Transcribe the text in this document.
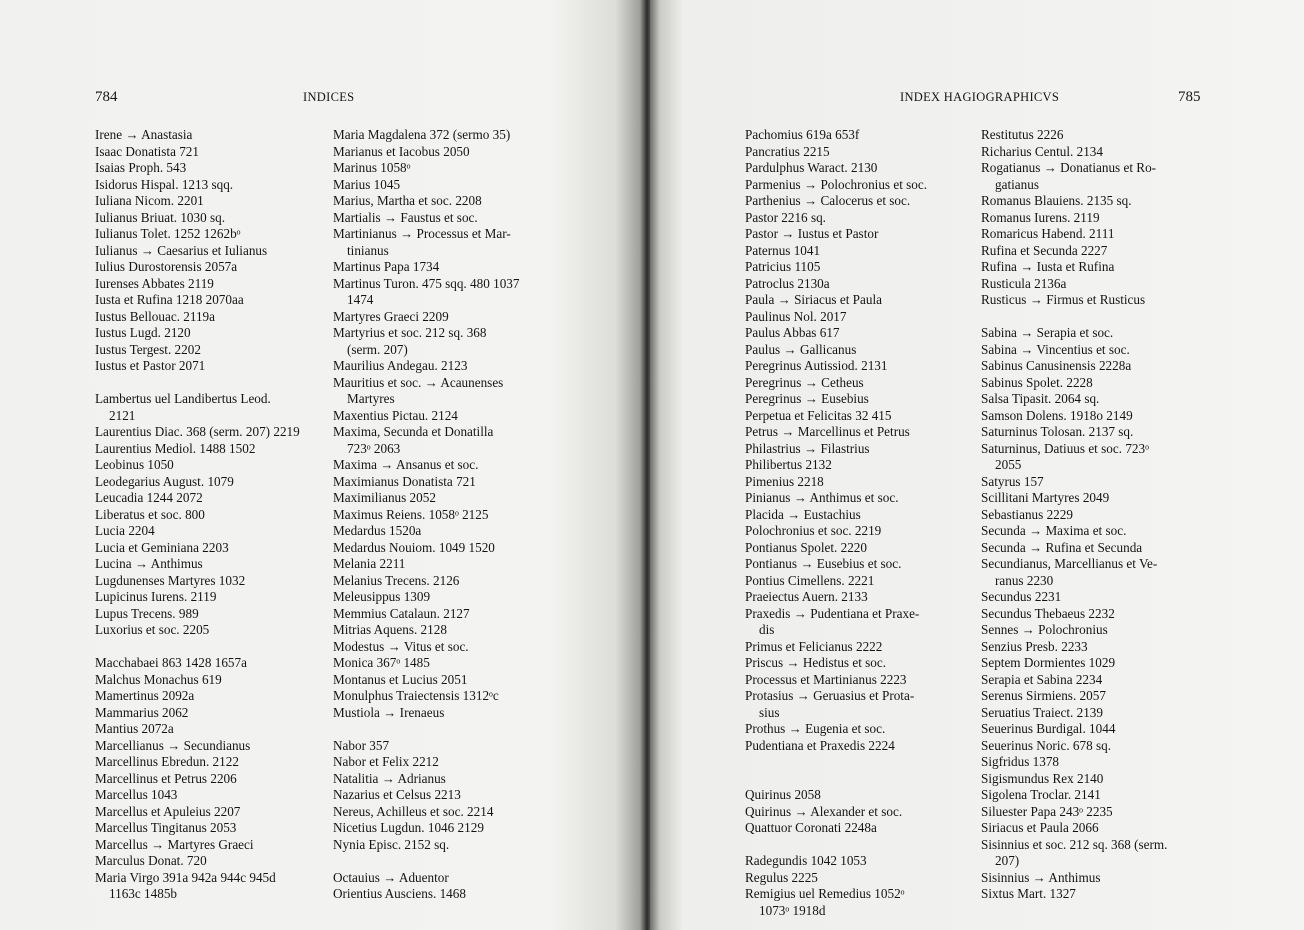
784	INDICES
Irene → Anastasia
Isaac Donatista 721
Isaias Proph. 543
Isidorus Hispal. 1213 sqq.
Iuliana Nicom. 2201
Iulianus Briuat. 1030 sq.
Iulianus Tolet. 1252 1262bᵒ
Iulianus → Caesarius et Iulianus
Iulius Durostorensis 2057a
Iurenses Abbates 2119
Iusta et Rufina 1218 2070aa
Iustus Bellouac. 2119a
Iustus Lugd. 2120
Iustus Tergest. 2202
Iustus et Pastor 2071
Lambertus uel Landibertus Leod.
2121
Laurentius Diac. 368 (serm. 207) 2219
Laurentius Mediol. 1488 1502
Leobinus 1050
Leodegarius August. 1079
Leucadia 1244 2072
Liberatus et soc. 800
Lucia 2204
Lucia et Geminiana 2203
Lucina → Anthimus
Lugdunenses Martyres 1032
Lupicinus Iurens. 2119
Lupus Trecens. 989
Luxorius et soc. 2205
Macchabaei 863 1428 1657a
Malchus Monachus 619
Mamertinus 2092a
Mammarius 2062
Mantius 2072a
Marcellianus → Secundianus
Marcellinus Ebredun. 2122
Marcellinus et Petrus 2206
Marcellus 1043
Marcellus et Apuleius 2207
Marcellus Tingitanus 2053
Marcellus → Martyres Graeci
Marculus Donat. 720
Maria Virgo 391a 942a 944c 945d
1163c 1485b
Maria Magdalena 372 (sermo 35)
Marianus et Iacobus 2050
Marinus 1058ᵒ
Marius 1045
Marius, Martha et soc. 2208
Martialis → Faustus et soc.
Martinianus → Processus et Mar-
tinianus
Martinus Papa 1734
Martinus Turon. 475 sqq. 480 1037
1474
Martyres Graeci 2209
Martyrius et soc. 212 sq. 368
(serm. 207)
Maurilius Andegau. 2123
Mauritius et soc. → Acaunenses
Martyres
Maxentius Pictau. 2124
Maxima, Secunda et Donatilla
723ᵒ 2063
Maxima → Ansanus et soc.
Maximianus Donatista 721
Maximilianus 2052
Maximus Reiens. 1058ᵒ 2125
Medardus 1520a
Medardus Nouiom. 1049 1520
Melania 2211
Melanius Trecens. 2126
Meleusippus 1309
Memmius Catalaun. 2127
Mitrias Aquens. 2128
Modestus → Vitus et soc.
Monica 367ᵒ 1485
Montanus et Lucius 2051
Monulphus Traiectensis 1312ᵒc
Mustiola → Irenaeus
Nabor 357
Nabor et Felix 2212
Natalitia → Adrianus
Nazarius et Celsus 2213
Nereus, Achilleus et soc. 2214
Nicetius Lugdun. 1046 2129
Nynia Episc. 2152 sq.
Octauius → Aduentor
Orientius Ausciens. 1468
INDEX HAGIOGRAPHICVS	785
Pachomius 619a 653f
Pancratius 2215
Pardulphus Waract. 2130
Parmenius → Polochronius et soc.
Parthenius → Calocerus et soc.
Pastor 2216 sq.
Pastor → Iustus et Pastor
Paternus 1041
Patricius 1105
Patroclus 2130a
Paula → Siriacus et Paula
Paulinus Nol. 2017
Paulus Abbas 617
Paulus → Gallicanus
Peregrinus Autissiod. 2131
Peregrinus → Cetheus
Peregrinus → Eusebius
Perpetua et Felicitas 32 415
Petrus → Marcellinus et Petrus
Philastrius → Filastrius
Philibertus 2132
Pimenius 2218
Pinianus → Anthimus et soc.
Placida → Eustachius
Polochronius et soc. 2219
Pontianus Spolet. 2220
Pontianus → Eusebius et soc.
Pontius Cimellens. 2221
Praeiectus Auern. 2133
Praxedis → Pudentiana et Praxe-
dis
Primus et Felicianus 2222
Priscus → Hedistus et soc.
Processus et Martinianus 2223
Protasius → Geruasius et Prota-
sius
Prothus → Eugenia et soc.
Pudentiana et Praxedis 2224
Quirinus 2058
Quirinus → Alexander et soc.
Quattuor Coronati 2248a
Radegundis 1042 1053
Regulus 2225
Remigius uel Remedius 1052ᵒ
1073ᵒ 1918d
Restitutus 2226
Richarius Centul. 2134
Rogatianus → Donatianus et Ro-
gatianus
Romanus Blauiens. 2135 sq.
Romanus Iurens. 2119
Romaricus Habend. 2111
Rufina et Secunda 2227
Rufina → Iusta et Rufina
Rusticula 2136a
Rusticus → Firmus et Rusticus
Sabina → Serapia et soc.
Sabina → Vincentius et soc.
Sabinus Canusinensis 2228a
Sabinus Spolet. 2228
Salsa Tipasit. 2064 sq.
Samson Dolens. 1918o 2149
Saturninus Tolosan. 2137 sq.
Saturninus, Datiuus et soc. 723ᵒ
2055
Satyrus 157
Scillitani Martyres 2049
Sebastianus 2229
Secunda → Maxima et soc.
Secunda → Rufina et Secunda
Secundianus, Marcellianus et Ve-
ranus 2230
Secundus 2231
Secundus Thebaeus 2232
Sennes → Polochronius
Senzius Presb. 2233
Septem Dormientes 1029
Serapia et Sabina 2234
Serenus Sirmiens. 2057
Seruatius Traiect. 2139
Seuerinus Burdigal. 1044
Seuerinus Noric. 678 sq.
Sigfridus 1378
Sigismundus Rex 2140
Sigolena Troclar. 2141
Siluester Papa 243ᵒ 2235
Siriacus et Paula 2066
Sisinnius et soc. 212 sq. 368 (serm.
207)
Sisinnius → Anthimus
Sixtus Mart. 1327
